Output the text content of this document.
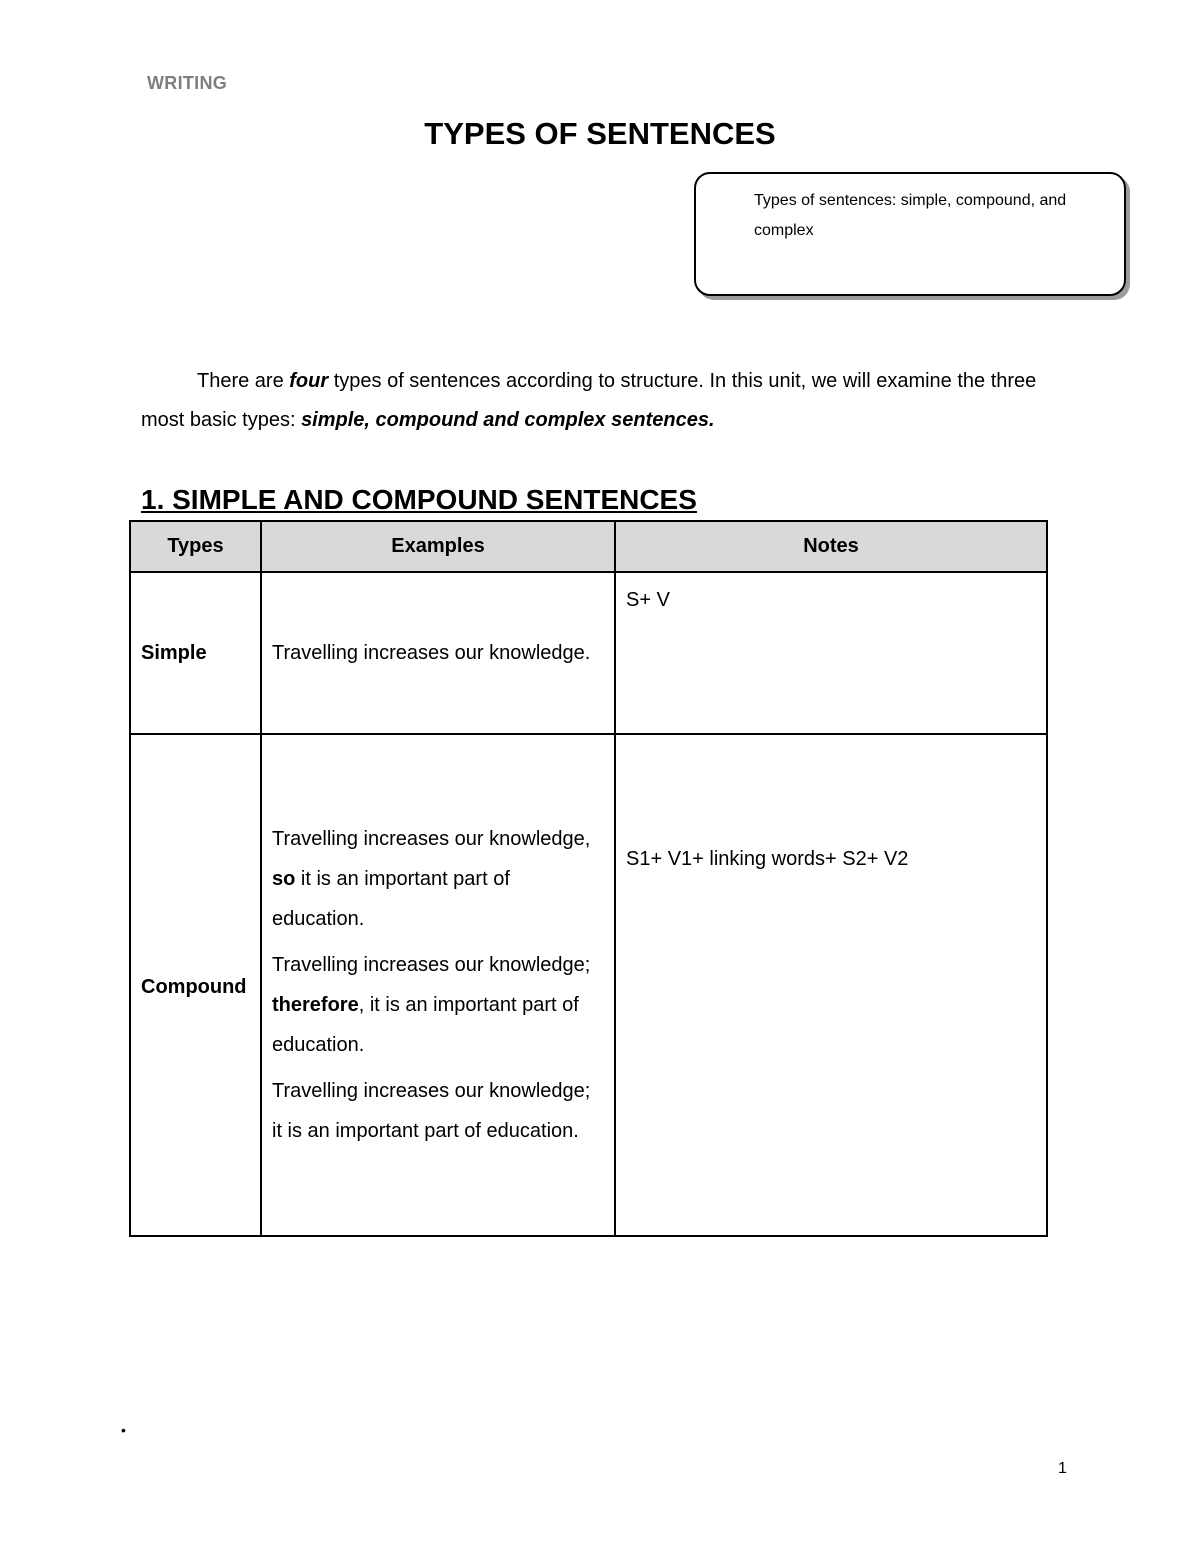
WRITING
TYPES OF SENTENCES
Types of sentences: simple, compound, and complex
There are four types of sentences according to structure. In this unit, we will examine the three most basic types: simple, compound and complex sentences.
1. SIMPLE AND COMPOUND SENTENCES
Types	Examples	Notes
Simple	Travelling increases our knowledge.	S+ V
Compound	Travelling increases our knowledge, so it is an important part of education.
Travelling increases our knowledge; therefore, it is an important part of education.
Travelling increases our knowledge; it is an important part of education.	S1+ V1+ linking words+ S2+ V2
•
1
